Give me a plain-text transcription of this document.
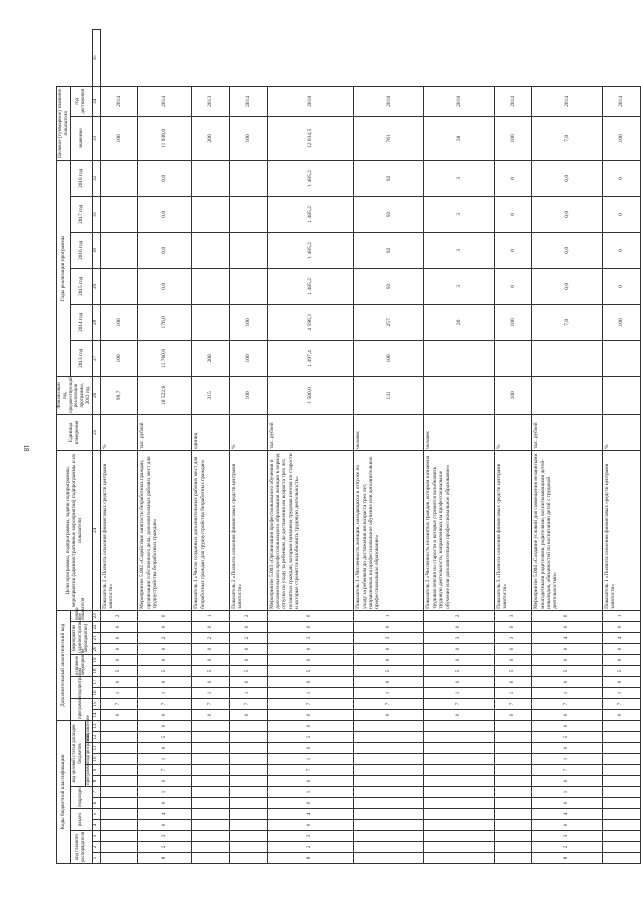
18
Коды бюджетной классификации													Дополнительный аналитический код										Цели программы, подпрограммы, задачи подпрограммы, мероприятия (административные мероприятия) подпрограммы и их показатели	Единица измерения	Финансовый год, предшествующий реализации программы, 2012 год	Годы реализации программы						Целевое (суммарное) значение показателя		
код главного распорядителя			раздел		подраздел		код целевой статьи расходов бюджетов						программа		подпрограмма		основное мероприятие		мероприятие (административное мероприятие)			номер показателя				2013 год	2014 год	2015 год	2016 год	2017 год	2018 год	значение	год достижения	
							программа		подпрограмма		направление																							
1	2	3	4	5	6	7	8	9	10	11	12	13	14	15	16	17	18	19	20	21	22	23	24	25	26	27	28	29	30	31	32	33	34	35
													0	7	1	0	5	0	0	0	0	2	Показатель 2 «Полнота освоения финансовых средств центрами занятости»	%	99,7	100	100					100	2014	
8	2	3	0	4	0	1	0	7	1	0	5	0	0	7	1	0	5	0	0	2	0	0	Мероприятие 5.002 «Содействие занятости безработных граждан, организации собственного дела, дополнительных рабочих мест для трудоустройства безработных граждан»	тыс. рублей	18 522,0	11 760,0	176,0	0,0	0,0	0,0	0,0	11 936,0	2014	
													0	7	1	0	5	0	0	2	0	1	Показатель 1 «Число созданных дополнительных рабочих мест для безработных граждан для трудоустройства безработных граждан»	единиц	315	200						200	2013	
													0	7	1	0	5	0	0	2	0	2	Показатель 2 «Полнота освоения финансовых средств центрами занятости»	%	100	100	100					100	2014	
8	2	3	0	4	0	1	0	7	1	0	5	0	0	7	1	0	5	0	0	3	0	0	Мероприятие 5.003 «Организация профессионального обучения и дополнительного профессионального образования женщин в период отпуска по уходу за ребенком до достижения им возраста трех лет, незанятых граждан, которым назначена трудовая пенсия по старости и которые стремятся возобновить трудовую деятельность»	тыс. рублей	1 500,0	1 497,4	4 596,3	1 485,2	1 485,2	1 485,2	1 485,2	12 034,5	2018	
													0	7	1	0	5	0	0	3	0	1	Показатель 1 «Численность женщин, находящихся в отпуске по уходу за ребенком до достижения им возраста трех лет, направленных на профессиональное обучение или дополнительное профессиональное образование»	человек	131	106	257	92	92	92	92	761	2018	
													0	7	1	0	5	0	0	3	0	2	Показатель 2 «Численность незанятых граждан, которым назначена трудовая пенсия по старости и которые стремятся возобновить трудовую деятельность, направленных на профессиональное обучение или дополнительное профессиональное образование»	человек			26	3	3	3	3	38	2018	
													0	7	1	0	5	0	0	3	0	3	Показатель 3 «Полнота освоения финансовых средств центрами занятости»	%	100		100	0	0	0	0	100	2014	
8	2	3	0	4	0	1	0	7	1	0	5	0	0	7	1	0	5	0	0	4	0	0	Мероприятие 5.004 «Создание условий для совмещения незанятыми многодетными родителями, родителями, воспитывающими детей-инвалидов, обязанностей по воспитанию детей с трудовой деятельностью»	тыс. рублей			7,0	0,0	0,0	0,0	0,0	7,0	2014	
													0	7	1	0	5	0	0	4	0	1	Показатель 1 «Полнота освоения финансовых средств центрами занятости»	%			100	0	0	0	0	100	2014	
